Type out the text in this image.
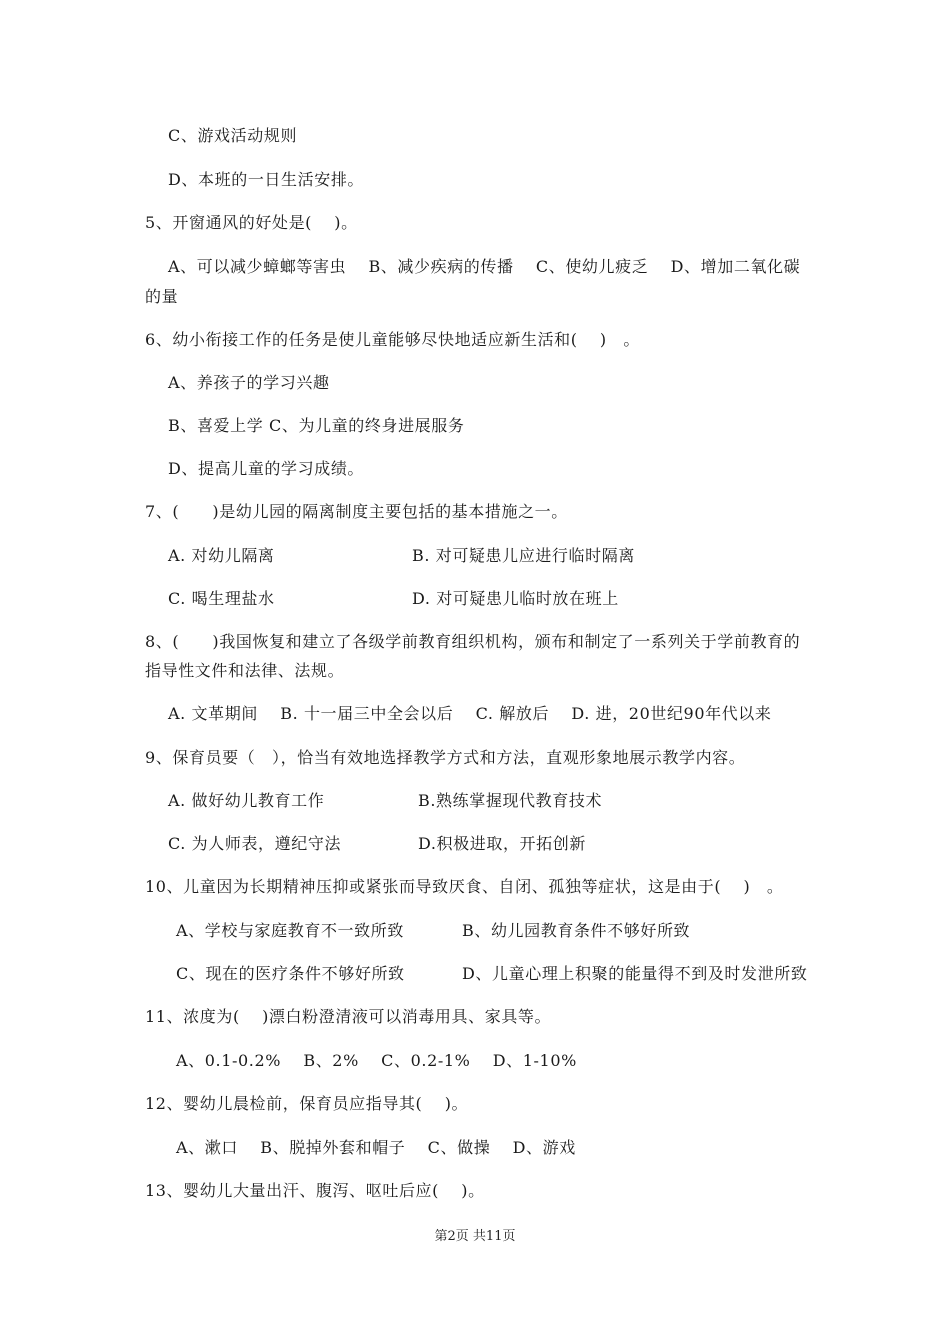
C、游戏活动规则
D、本班的一日生活安排。
5、开窗通风的好处是(　 )。
A、可以减少蟑螂等害虫　 B、减少疾病的传播　 C、使幼儿疲乏　 D、增加二氧化碳
的量
6、幼小衔接工作的任务是使儿童能够尽快地适应新生活和(　 )　。
A、养孩子的学习兴趣
B、喜爱上学 C、为儿童的终身进展服务
D、提高儿童的学习成绩。
7、(　　)是幼儿园的隔离制度主要包括的基本措施之一。
A. 对幼儿隔离	B. 对可疑患儿应进行临时隔离
C. 喝生理盐水	D. 对可疑患儿临时放在班上
8、(　　)我国恢复和建立了各级学前教育组织机构，颁布和制定了一系列关于学前教育的
指导性文件和法律、法规。
A. 文革期间　 B. 十一届三中全会以后　 C. 解放后　 D. 进，20世纪90年代以来
9、保育员要（　），恰当有效地选择教学方式和方法，直观形象地展示教学内容。
A. 做好幼儿教育工作	B.熟练掌握现代教育技术
C. 为人师表，遵纪守法	D.积极进取，开拓创新
10、儿童因为长期精神压抑或紧张而导致厌食、自闭、孤独等症状，这是由于(　 )　。
A、学校与家庭教育不一致所致	B、幼儿园教育条件不够好所致
C、现在的医疗条件不够好所致	D、儿童心理上积聚的能量得不到及时发泄所致
11、浓度为(　 )漂白粉澄清液可以消毒用具、家具等。
A、0.1-0.2%　 B、2%　 C、0.2-1%　 D、1-10%
12、婴幼儿晨检前，保育员应指导其(　 )。
A、漱口　 B、脱掉外套和帽子　 C、做操　 D、游戏
13、婴幼儿大量出汗、腹泻、呕吐后应(　 )。
第2页 共11页
